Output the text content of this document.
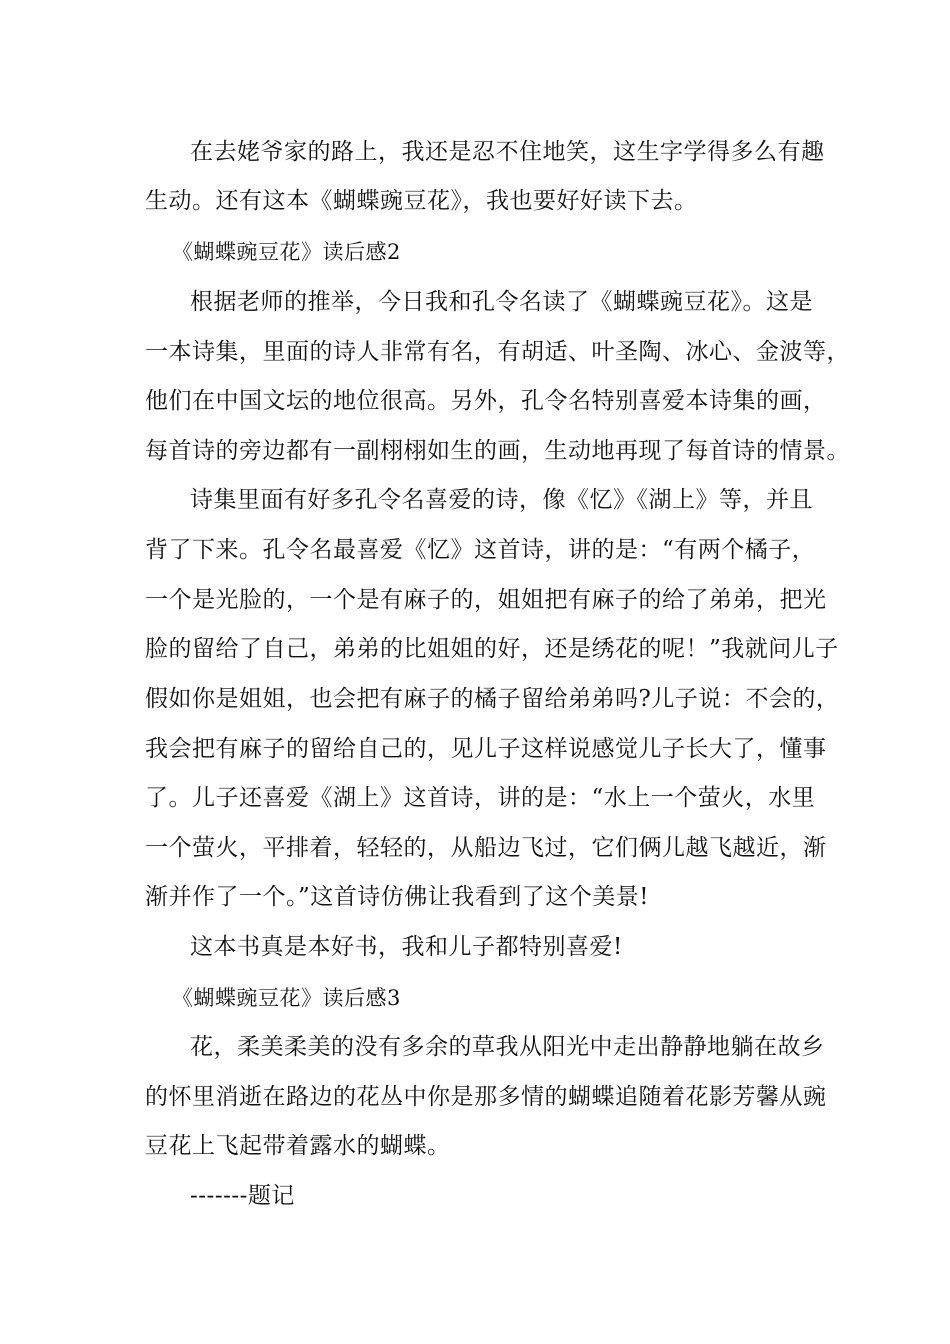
在去姥爷家的路上，我还是忍不住地笑，这生字学得多么有趣
生动。还有这本《蝴蝶豌豆花》，我也要好好读下去。
《蝴蝶豌豆花》读后感2
根据老师的推举，今日我和孔令名读了《蝴蝶豌豆花》。这是
一本诗集，里面的诗人非常有名，有胡适、叶圣陶、冰心、金波等，
他们在中国文坛的地位很高。另外，孔令名特别喜爱本诗集的画，
每首诗的旁边都有一副栩栩如生的画，生动地再现了每首诗的情景。
诗集里面有好多孔令名喜爱的诗，像《忆》《湖上》等，并且
背了下来。孔令名最喜爱《忆》这首诗，讲的是：“有两个橘子，
一个是光脸的，一个是有麻子的，姐姐把有麻子的给了弟弟，把光
脸的留给了自己，弟弟的比姐姐的好，还是绣花的呢！”我就问儿子
假如你是姐姐，也会把有麻子的橘子留给弟弟吗?儿子说：不会的，
我会把有麻子的留给自己的，见儿子这样说感觉儿子长大了，懂事
了。儿子还喜爱《湖上》这首诗，讲的是：“水上一个萤火，水里
一个萤火，平排着，轻轻的，从船边飞过，它们俩儿越飞越近，渐
渐并作了一个。”这首诗仿佛让我看到了这个美景!
这本书真是本好书，我和儿子都特别喜爱!
《蝴蝶豌豆花》读后感3
花，柔美柔美的没有多余的草我从阳光中走出静静地躺在故乡
的怀里消逝在路边的花丛中你是那多情的蝴蝶追随着花影芳馨从豌
豆花上飞起带着露水的蝴蝶。
-------题记
